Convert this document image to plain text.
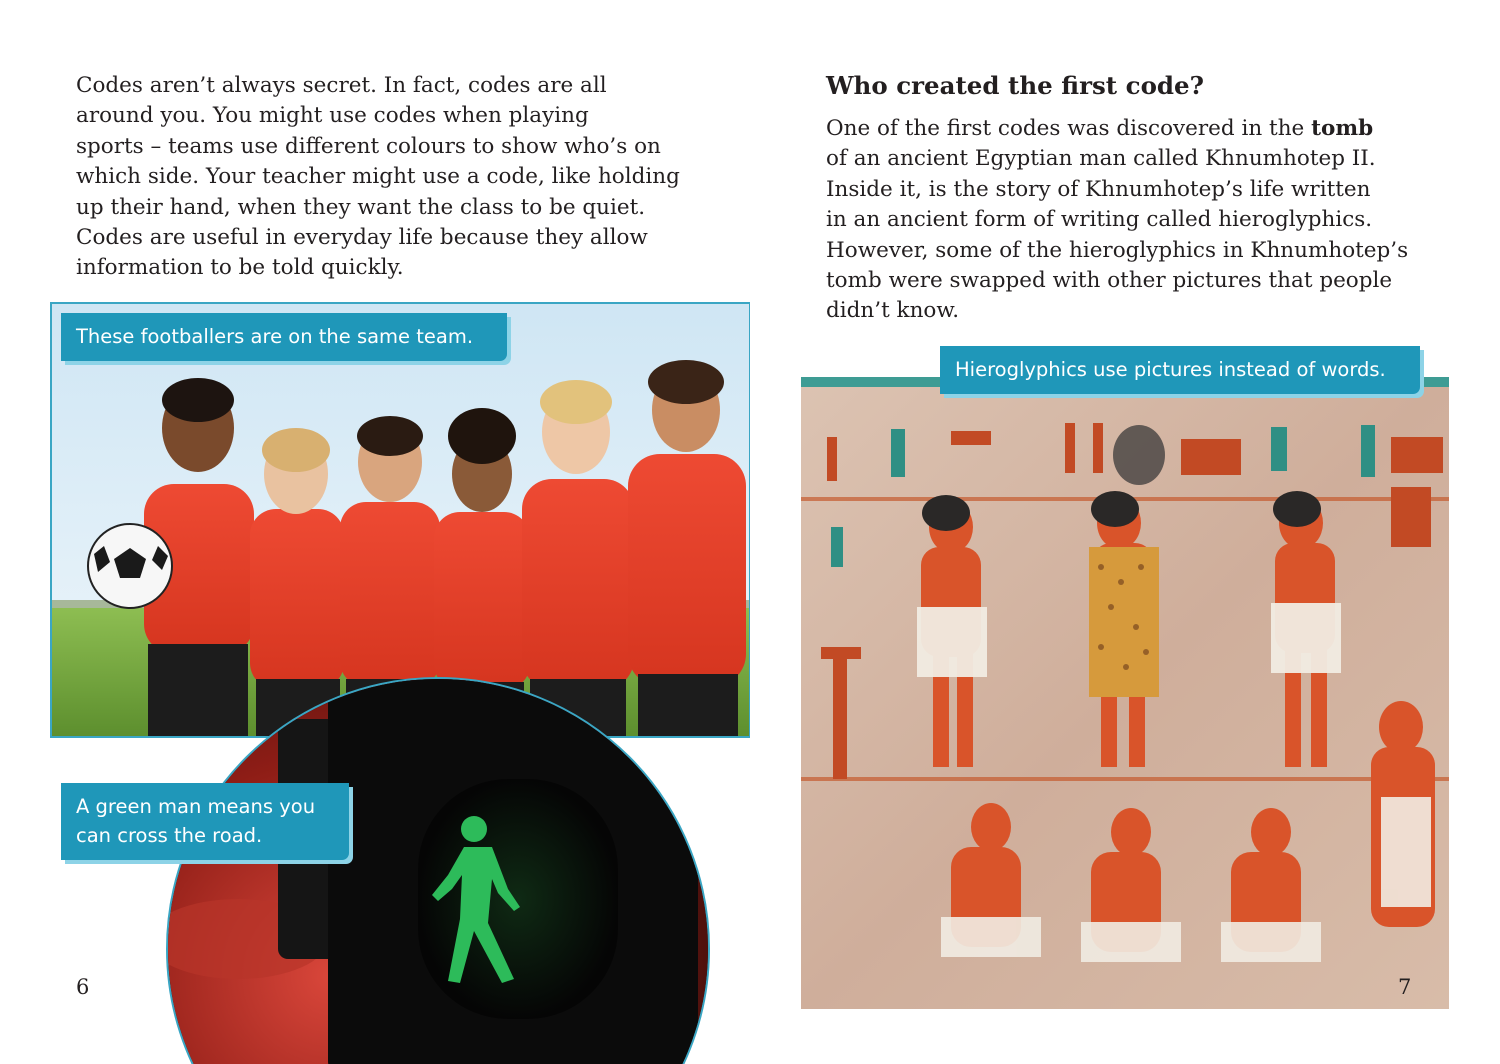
Codes aren’t always secret. In fact, codes are all
around you. You might use codes when playing
sports – teams use different colours to show who’s on
which side. Your teacher might use a code, like holding
up their hand, when they want the class to be quiet.
Codes are useful in everyday life because they allow
information to be told quickly.
These footballers are on the same team.
A green man means you
can cross the road.
6
Who created the first code?
One of the first codes was discovered in the tomb
of an ancient Egyptian man called Khnumhotep II.
Inside it, is the story of Khnumhotep’s life written
in an ancient form of writing called hieroglyphics.
However, some of the hieroglyphics in Khnumhotep’s
tomb were swapped with other pictures that people
didn’t know.
Hieroglyphics use pictures instead of words.
7
